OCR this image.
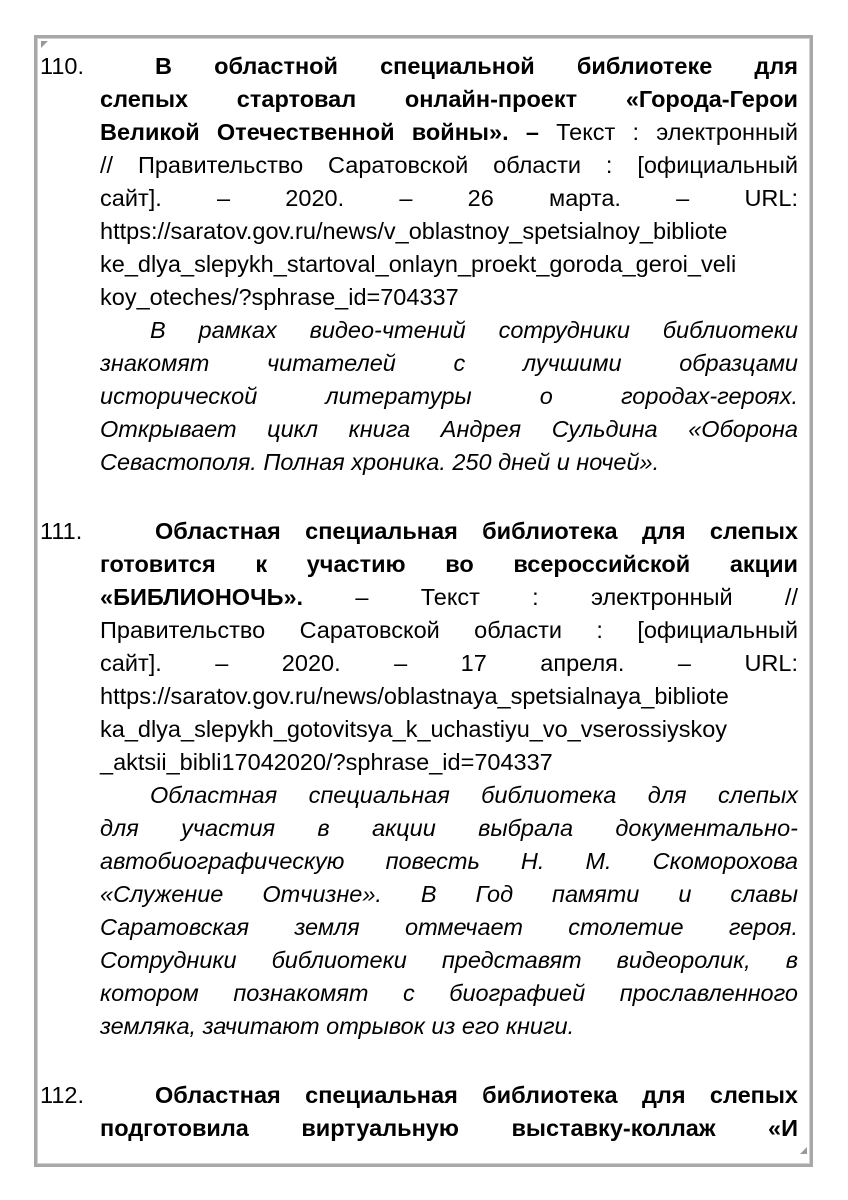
110.	В областной специальной библиотеке для
слепых стартовал онлайн-проект «Города-Герои
Великой Отечественной войны». – Текст : электронный
// Правительство Саратовской области : [официальный
сайт]. – 2020. – 26 марта. – URL:
https://saratov.gov.ru/news/v_oblastnoy_spetsialnoy_bibliote
ke_dlya_slepykh_startoval_onlayn_proekt_goroda_geroi_veli
koy_oteches/?sphrase_id=704337
В рамках видео-чтений сотрудники библиотеки
знакомят читателей с лучшими образцами
исторической литературы о городах-героях.
Открывает цикл книга Андрея Сульдина «Оборона
Севастополя. Полная хроника. 250 дней и ночей».
111.	Областная специальная библиотека для слепых
готовится к участию во всероссийской акции
«БИБЛИОНОЧЬ». – Текст : электронный //
Правительство Саратовской области : [официальный
сайт]. – 2020. – 17 апреля. – URL:
https://saratov.gov.ru/news/oblastnaya_spetsialnaya_bibliote
ka_dlya_slepykh_gotovitsya_k_uchastiyu_vo_vserossiyskoy
_aktsii_bibli17042020/?sphrase_id=704337
Областная специальная библиотека для слепых
для участия в акции выбрала документально-
автобиографическую повесть Н. М. Скоморохова
«Служение Отчизне». В Год памяти и славы
Саратовская земля отмечает столетие героя.
Сотрудники библиотеки представят видеоролик, в
котором познакомят с биографией прославленного
земляка, зачитают отрывок из его книги.
112.	Областная специальная библиотека для слепых
подготовила виртуальную выставку-коллаж «И
